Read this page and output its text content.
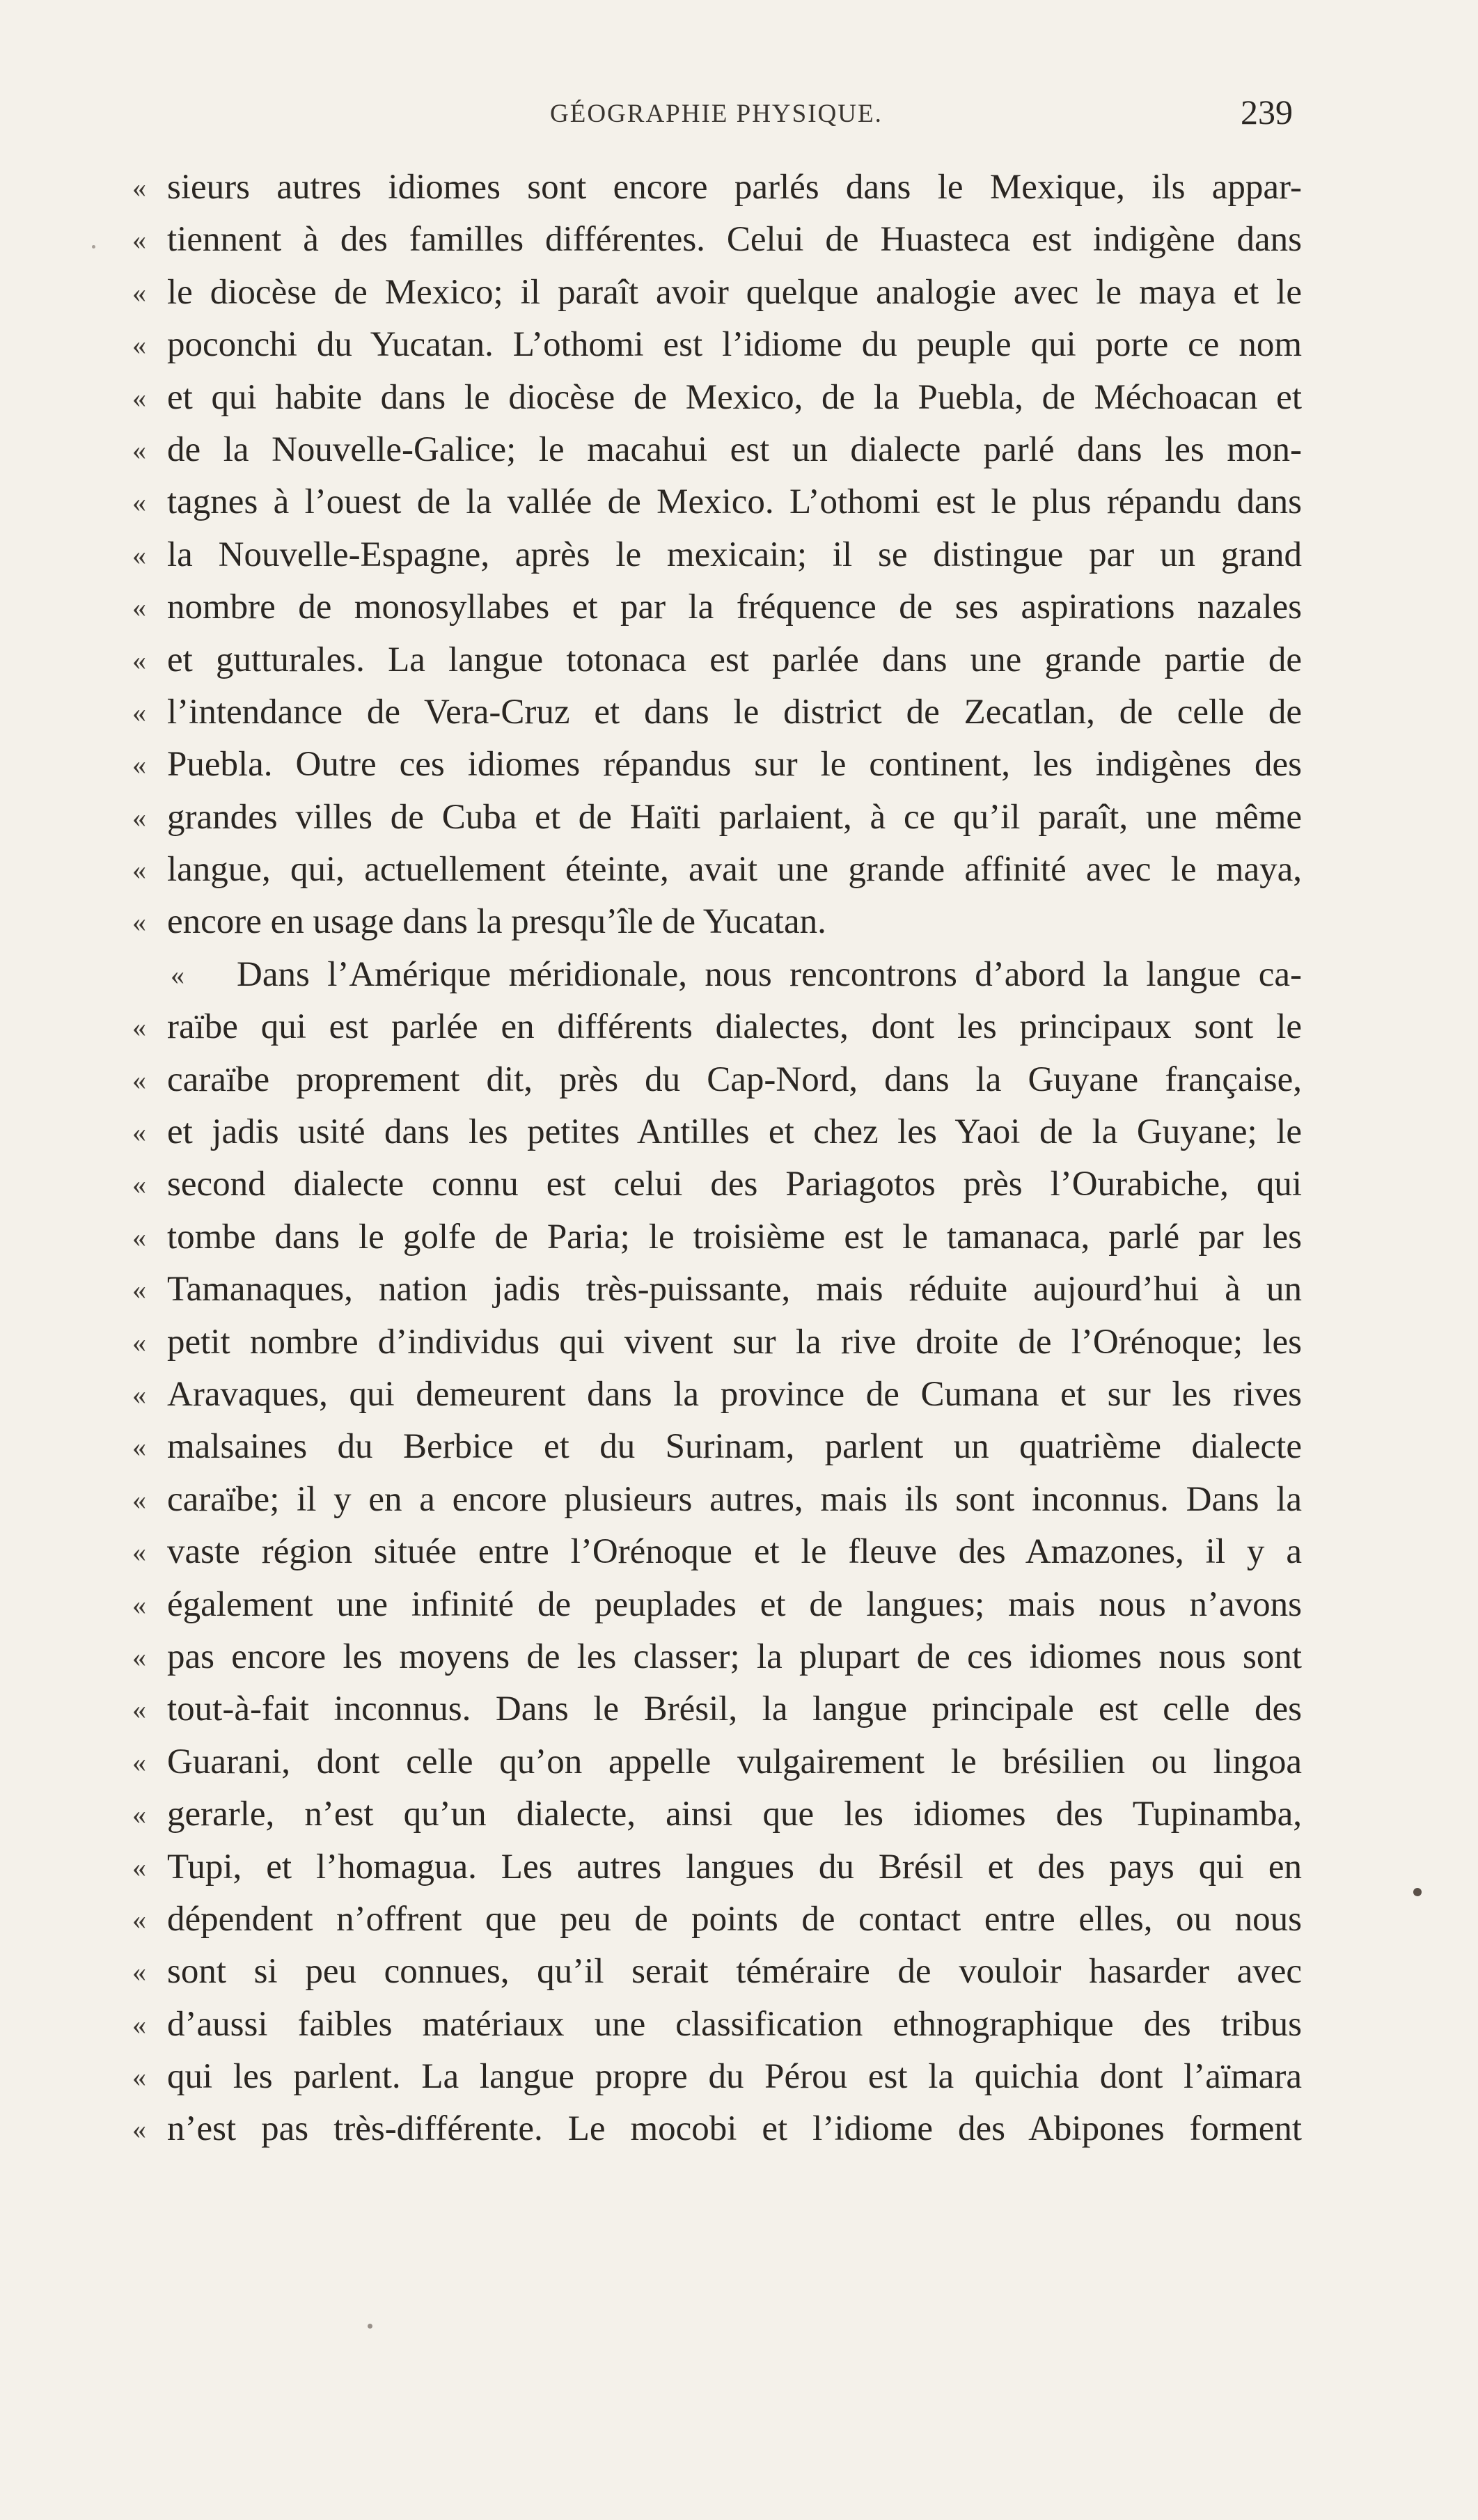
GÉOGRAPHIE PHYSIQUE.	239
« sieurs autres idiomes sont encore parlés dans le Mexique, ils appar-
« tiennent à des familles différentes. Celui de Huasteca est indigène dans
« le diocèse de Mexico; il paraît avoir quelque analogie avec le maya et le
« poconchi du Yucatan. L’othomi est l’idiome du peuple qui porte ce nom
« et qui habite dans le diocèse de Mexico, de la Puebla, de Méchoacan et
« de la Nouvelle-Galice; le macahui est un dialecte parlé dans les mon-
« tagnes à l’ouest de la vallée de Mexico. L’othomi est le plus répandu dans
« la Nouvelle-Espagne, après le mexicain; il se distingue par un grand
« nombre de monosyllabes et par la fréquence de ses aspirations nazales
« et gutturales. La langue totonaca est parlée dans une grande partie de
« l’intendance de Vera-Cruz et dans le district de Zecatlan, de celle de
« Puebla. Outre ces idiomes répandus sur le continent, les indigènes des
« grandes villes de Cuba et de Haïti parlaient, à ce qu’il paraît, une même
« langue, qui, actuellement éteinte, avait une grande affinité avec le maya,
« encore en usage dans la presqu’île de Yucatan.
« Dans l’Amérique méridionale, nous rencontrons d’abord la langue ca-
« raïbe qui est parlée en différents dialectes, dont les principaux sont le
« caraïbe proprement dit, près du Cap-Nord, dans la Guyane française,
« et jadis usité dans les petites Antilles et chez les Yaoi de la Guyane; le
« second dialecte connu est celui des Pariagotos près l’Ourabiche, qui
« tombe dans le golfe de Paria; le troisième est le tamanaca, parlé par les
« Tamanaques, nation jadis très-puissante, mais réduite aujourd’hui à un
« petit nombre d’individus qui vivent sur la rive droite de l’Orénoque; les
« Aravaques, qui demeurent dans la province de Cumana et sur les rives
« malsaines du Berbice et du Surinam, parlent un quatrième dialecte
« caraïbe; il y en a encore plusieurs autres, mais ils sont inconnus. Dans la
« vaste région située entre l’Orénoque et le fleuve des Amazones, il y a
« également une infinité de peuplades et de langues; mais nous n’avons
« pas encore les moyens de les classer; la plupart de ces idiomes nous sont
« tout-à-fait inconnus. Dans le Brésil, la langue principale est celle des
« Guarani, dont celle qu’on appelle vulgairement le brésilien ou lingoa
« gerarle, n’est qu’un dialecte, ainsi que les idiomes des Tupinamba,
« Tupi, et l’homagua. Les autres langues du Brésil et des pays qui en
« dépendent n’offrent que peu de points de contact entre elles, ou nous
« sont si peu connues, qu’il serait téméraire de vouloir hasarder avec
« d’aussi faibles matériaux une classification ethnographique des tribus
« qui les parlent. La langue propre du Pérou est la quichia dont l’aïmara
« n’est pas très-différente. Le mocobi et l’idiome des Abipones forment
